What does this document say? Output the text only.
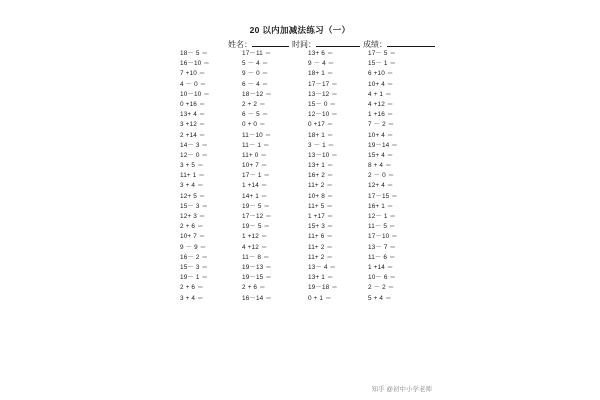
20 以内加减法练习（一）
姓名：	时间：	成绩：
18－ 5 ＝
16－10 ＝
7 +10 ＝
4 － 0 ＝
10－10 ＝
0 +16 ＝
13+ 4 ＝
3 +12 ＝
2 +14 ＝
14－ 3 ＝
12－ 0 ＝
3 + 5 ＝
11+ 1 ＝
3 + 4 ＝
12+ 5 ＝
15－ 3 ＝
12+ 3 ＝
2 + 6 ＝
10+ 7 ＝
9 － 9 ＝
16－ 2 ＝
15－ 3 ＝
19－ 1 ＝
2 + 6 ＝
3 + 4 ＝
17－11 ＝
5 － 4 ＝
9 － 0 ＝
6 － 4 ＝
18－12 ＝
2 + 2 ＝
6 － 5 ＝
0 + 0 ＝
11－10 ＝
11－ 1 ＝
11+ 0 ＝
10+ 7 ＝
17－ 1 ＝
1 +14 ＝
14+ 1 ＝
19－ 5 ＝
17－12 ＝
19－ 5 ＝
1 +12 ＝
4 +12 ＝
11－ 8 ＝
19－13 ＝
19－15 ＝
2 + 6 ＝
16－14 ＝
13+ 6 ＝
9 － 4 ＝
18+ 1 ＝
17－17 ＝
13－12 ＝
15－ 0 ＝
12－10 ＝
0 +17 ＝
18+ 1 ＝
3 － 1 ＝
13－10 ＝
13+ 1 ＝
16+ 2 ＝
11+ 2 ＝
10+ 8 ＝
11+ 5 ＝
1 +17 ＝
15+ 3 ＝
11+ 6 ＝
11+ 2 ＝
11+ 2 ＝
13－ 4 ＝
13+ 1 ＝
19－18 ＝
0 + 1 ＝
17－ 5 ＝
15－ 1 ＝
6 +10 ＝
10+ 4 ＝
4 + 1 ＝
4 +12 ＝
1 +16 ＝
7 － 2 ＝
10+ 4 ＝
19－14 ＝
15+ 4 ＝
8 + 4 ＝
2 － 0 ＝
12+ 4 ＝
17－15 ＝
16+ 1 ＝
12－ 1 ＝
11－ 5 ＝
17－10 ＝
13－ 7 ＝
11－ 6 ＝
1 +14 ＝
10－ 6 ＝
2 － 2 ＝
5 + 4 ＝
知乎 @初中小学老师
